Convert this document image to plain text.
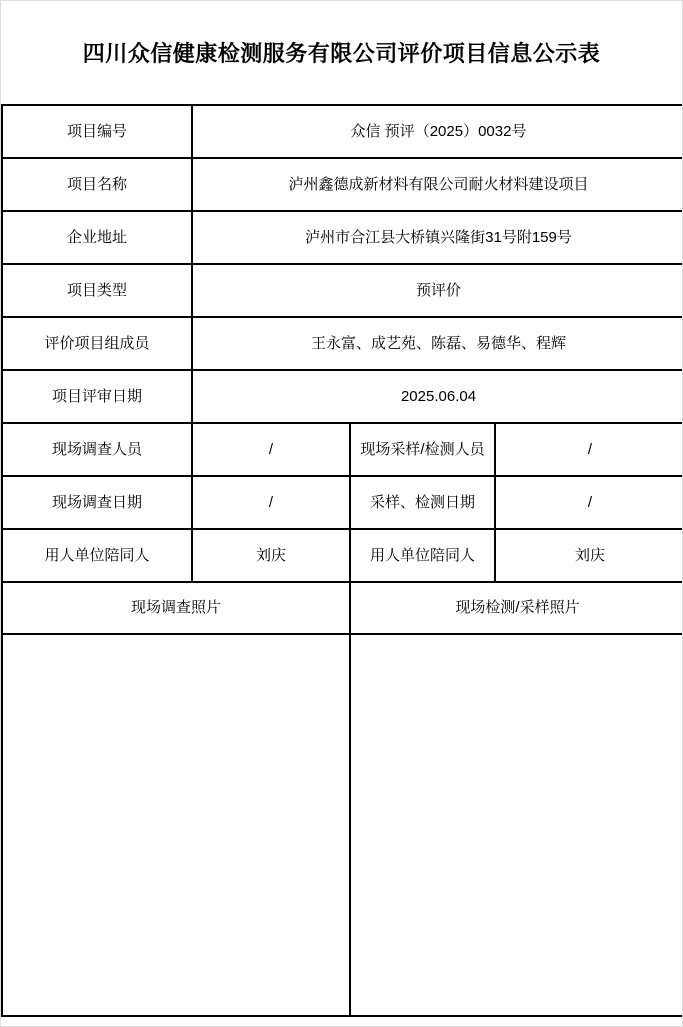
四川众信健康检测服务有限公司评价项目信息公示表
项目编号	众信 预评（2025）0032号		
项目名称	泸州鑫德成新材料有限公司耐火材料建设项目		
企业地址	泸州市合江县大桥镇兴隆街31号附159号		
项目类型	预评价		
评价项目组成员	王永富、成艺苑、陈磊、易德华、程辉		
项目评审日期	2025.06.04		
现场调查人员	/	现场采样/检测人员	/
现场调查日期	/	采样、检测日期	/
用人单位陪同人	刘庆	用人单位陪同人	刘庆
现场调查照片		现场检测/采样照片	
